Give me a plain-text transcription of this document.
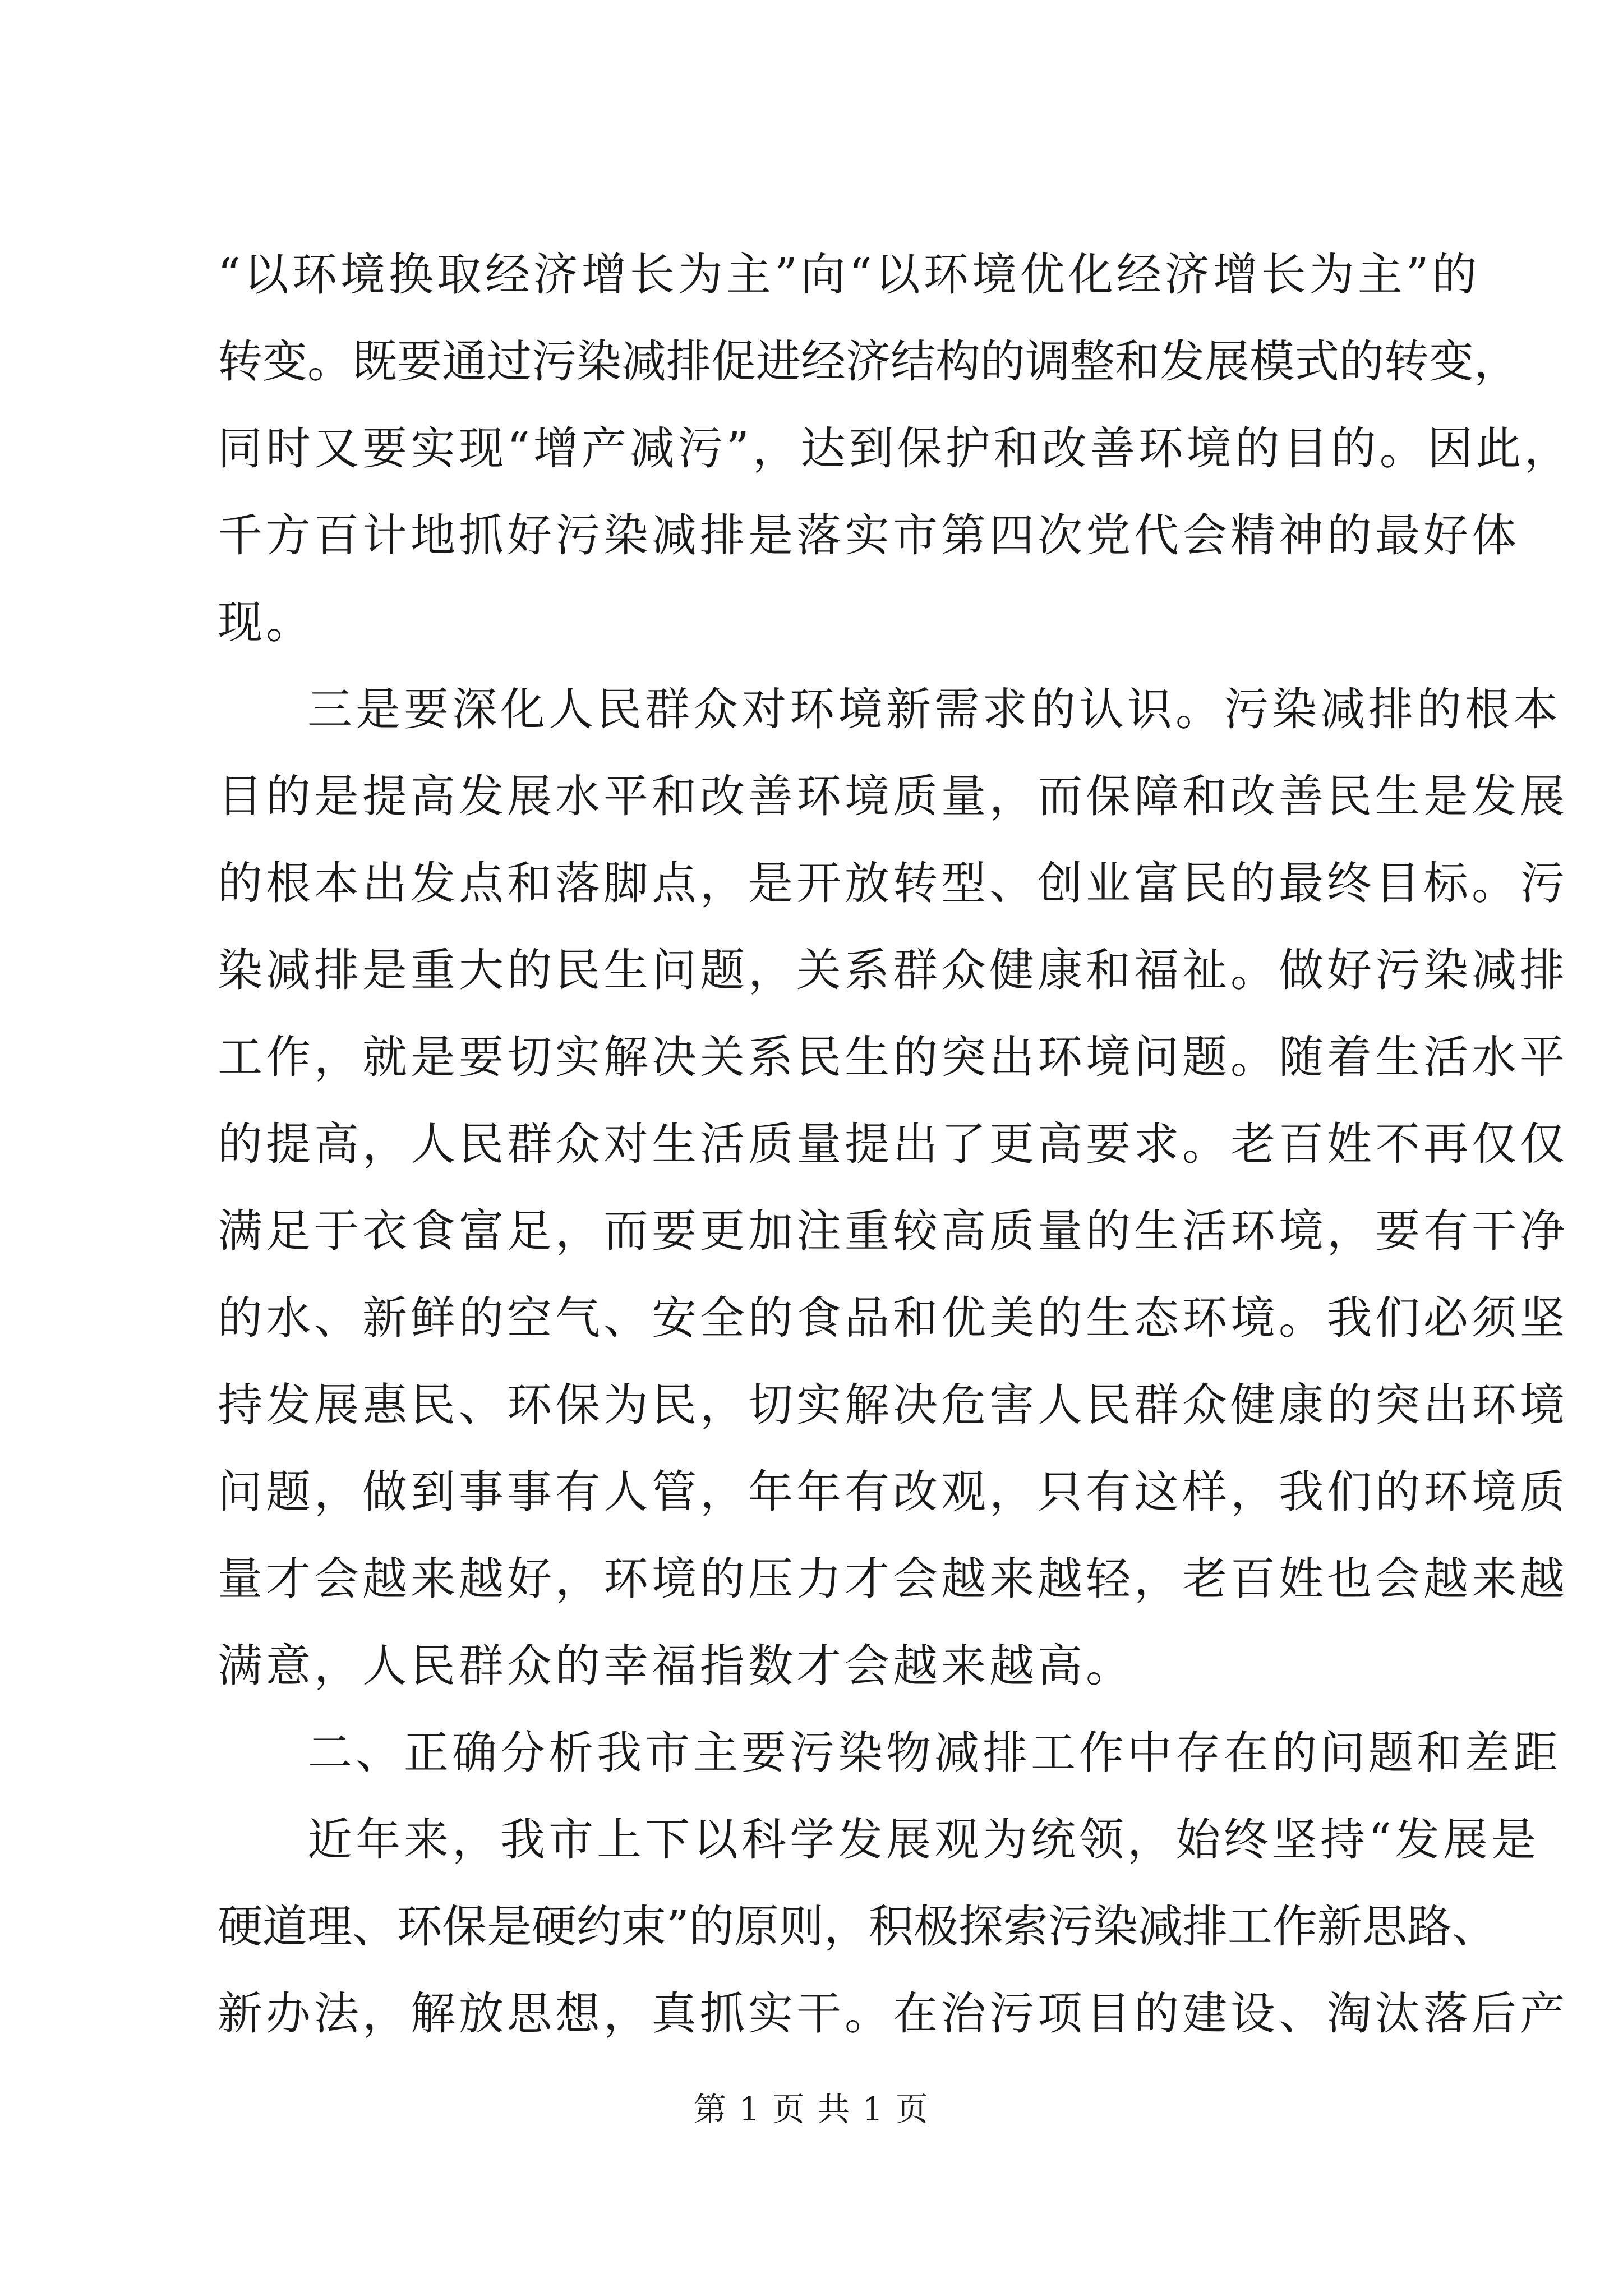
“以环境换取经济增长为主”向“以环境优化经济增长为主”的
转变。既要通过污染减排促进经济结构的调整和发展模式的转变，
同时又要实现“增产减污”，达到保护和改善环境的目的。因此，
千方百计地抓好污染减排是落实市第四次党代会精神的最好体
现。
三是要深化人民群众对环境新需求的认识。污染减排的根本
目的是提高发展水平和改善环境质量，而保障和改善民生是发展
的根本出发点和落脚点，是开放转型、创业富民的最终目标。污
染减排是重大的民生问题，关系群众健康和福祉。做好污染减排
工作，就是要切实解决关系民生的突出环境问题。随着生活水平
的提高，人民群众对生活质量提出了更高要求。老百姓不再仅仅
满足于衣食富足，而要更加注重较高质量的生活环境，要有干净
的水、新鲜的空气、安全的食品和优美的生态环境。我们必须坚
持发展惠民、环保为民，切实解决危害人民群众健康的突出环境
问题，做到事事有人管，年年有改观，只有这样，我们的环境质
量才会越来越好，环境的压力才会越来越轻，老百姓也会越来越
满意，人民群众的幸福指数才会越来越高。
二、正确分析我市主要污染物减排工作中存在的问题和差距
近年来，我市上下以科学发展观为统领，始终坚持“发展是
硬道理、环保是硬约束”的原则，积极探索污染减排工作新思路、
新办法，解放思想，真抓实干。在治污项目的建设、淘汰落后产
第 1 页 共 1 页
